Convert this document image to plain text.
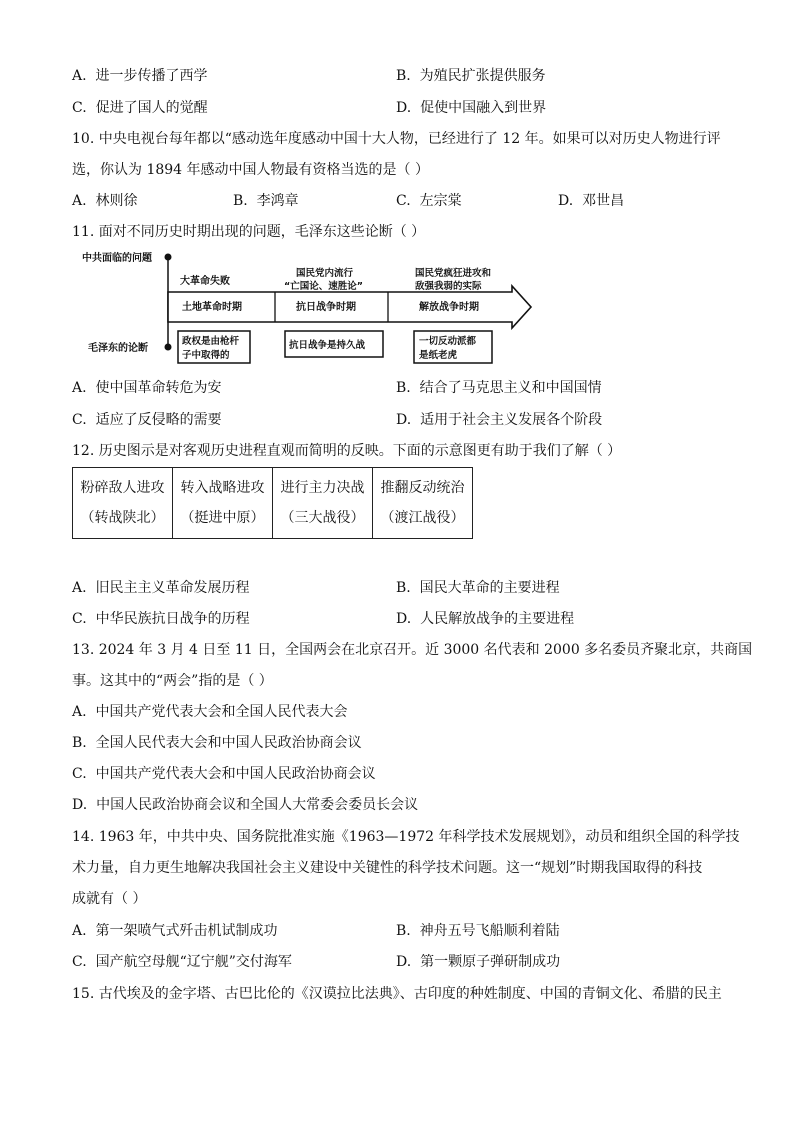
A. 进一步传播了西学	B. 为殖民扩张提供服务
C. 促进了国人的觉醒	D. 促使中国融入到世界
10. 中央电视台每年都以“感动选年度感动中国十大人物，已经进行了 12 年。如果可以对历史人物进行评
选，你认为 1894 年感动中国人物最有资格当选的是（ ）
A. 林则徐	B. 李鸿章	C. 左宗棠	D. 邓世昌
11. 面对不同历史时期出现的问题，毛泽东这些论断（ ）
中共面临的问题
毛泽东的论断
大革命失败
国民党内流行
“亡国论、速胜论”
国民党疯狂进攻和
敌强我弱的实际
土地革命时期	抗日战争时期	解放战争时期
政权是由枪杆
子中取得的
抗日战争是持久战	一切反动派都
是纸老虎
A. 使中国革命转危为安	B. 结合了马克思主义和中国国情
C. 适应了反侵略的需要	D. 适用于社会主义发展各个阶段
12. 历史图示是对客观历史进程直观而简明的反映。下面的示意图更有助于我们了解（ ）
粉碎敌人进攻
（转战陕北）

转入战略进攻
（挺进中原）

进行主力决战
（三大战役）

推翻反动统治
（渡江战役）
A. 旧民主主义革命发展历程	B. 国民大革命的主要进程
C. 中华民族抗日战争的历程	D. 人民解放战争的主要进程
13. 2024 年 3 月 4 日至 11 日，全国两会在北京召开。近 3000 名代表和 2000 多名委员齐聚北京，共商国
事。这其中的“两会”指的是（ ）
A. 中国共产党代表大会和全国人民代表大会
B. 全国人民代表大会和中国人民政治协商会议
C. 中国共产党代表大会和中国人民政治协商会议
D. 中国人民政治协商会议和全国人大常委会委员长会议
14. 1963 年，中共中央、国务院批准实施《1963—1972 年科学技术发展规划》，动员和组织全国的科学技
术力量，自力更生地解决我国社会主义建设中关键性的科学技术问题。这一“规划”时期我国取得的科技
成就有（ ）
A. 第一架喷气式歼击机试制成功	B. 神舟五号飞船顺利着陆
C. 国产航空母舰“辽宁舰”交付海军	D. 第一颗原子弹研制成功
15. 古代埃及的金字塔、古巴比伦的《汉谟拉比法典》、古印度的种姓制度、中国的青铜文化、希腊的民主
